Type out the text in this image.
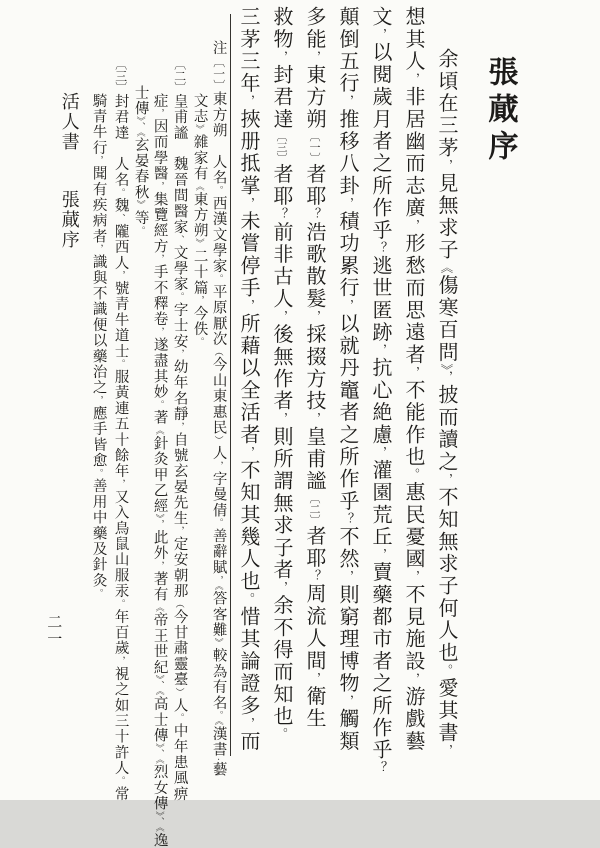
張蕆序
余頃在三茅，見無求子《傷寒百問》，披而讀之，不知無求子何人也。愛其書，
想其人，非居幽而志廣，形愁而思遠者，不能作也。惠民憂國，不見施設，游戲藝
文，以閱歲月者之所作乎？逃世匿跡，抗心絶慮，灌園荒丘，賣藥都市者之所作乎？
顛倒五行，推移八卦，積功累行，以就丹竈者之所作乎？不然，則窮理博物，觸類
多能，東方朔〔一〕者耶？浩歌散髮，採掇方技，皇甫謐〔二〕者耶？周流人間，衛生
救物，封君達〔三〕者耶？前非古人，後無作者，則所謂無求子者，余不得而知也。
三茅三年，挾册抵掌，未嘗停手，所藉以全活者，不知其幾人也。惜其論證多，而
注〔一〕東方朔　人名。西漢文學家。平原厭次（今山東惠民）人，字曼倩。善辭賦，《答客難》較為有名。《漢書·藝
文志》雜家有《東方朔》二十篇，今佚。
〔二〕皇甫謐　魏晉間醫家、文學家。字士安，幼年名靜，自號玄晏先生，定安朝那（今甘肅靈臺）人。中年患風痹
症，因而學醫，集覽經方，手不釋卷，遂盡其妙。著《針灸甲乙經》，此外，著有《帝王世紀》、《高士傳》、《烈女傳》、《逸
士傳》、《玄晏春秋》等。
〔三〕封君達　人名。魏、隴西人，號青牛道士。服黃連五十餘年，又入鳥鼠山服汞。年百歲，視之如三十許人。常
騎青牛行，聞有疾病者，識與不識便以藥治之，應手皆愈。善用中藥及針灸。
活人書
張蕆序
二一
